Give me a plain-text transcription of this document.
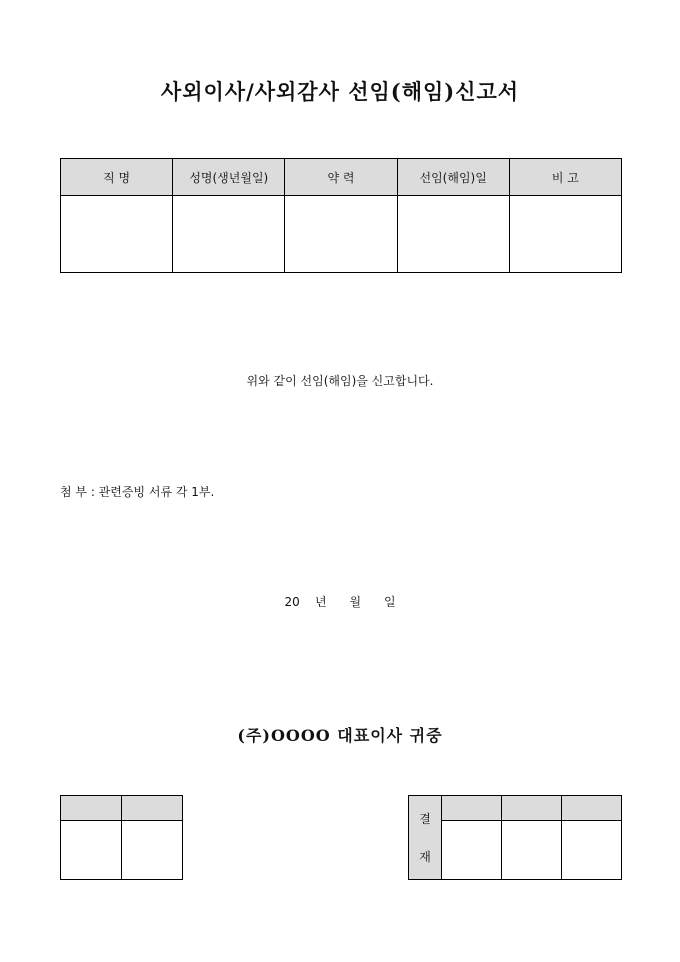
사외이사/사외감사 선임(해임)신고서
직 명	성명(생년월일)	약 력	선임(해임)일	비 고

위와 같이 선임(해임)을 신고합니다.
첨 부 : 관련증빙 서류 각 1부.
20    년      월      일
(주)OOOO 대표이사 귀중

결
재			
